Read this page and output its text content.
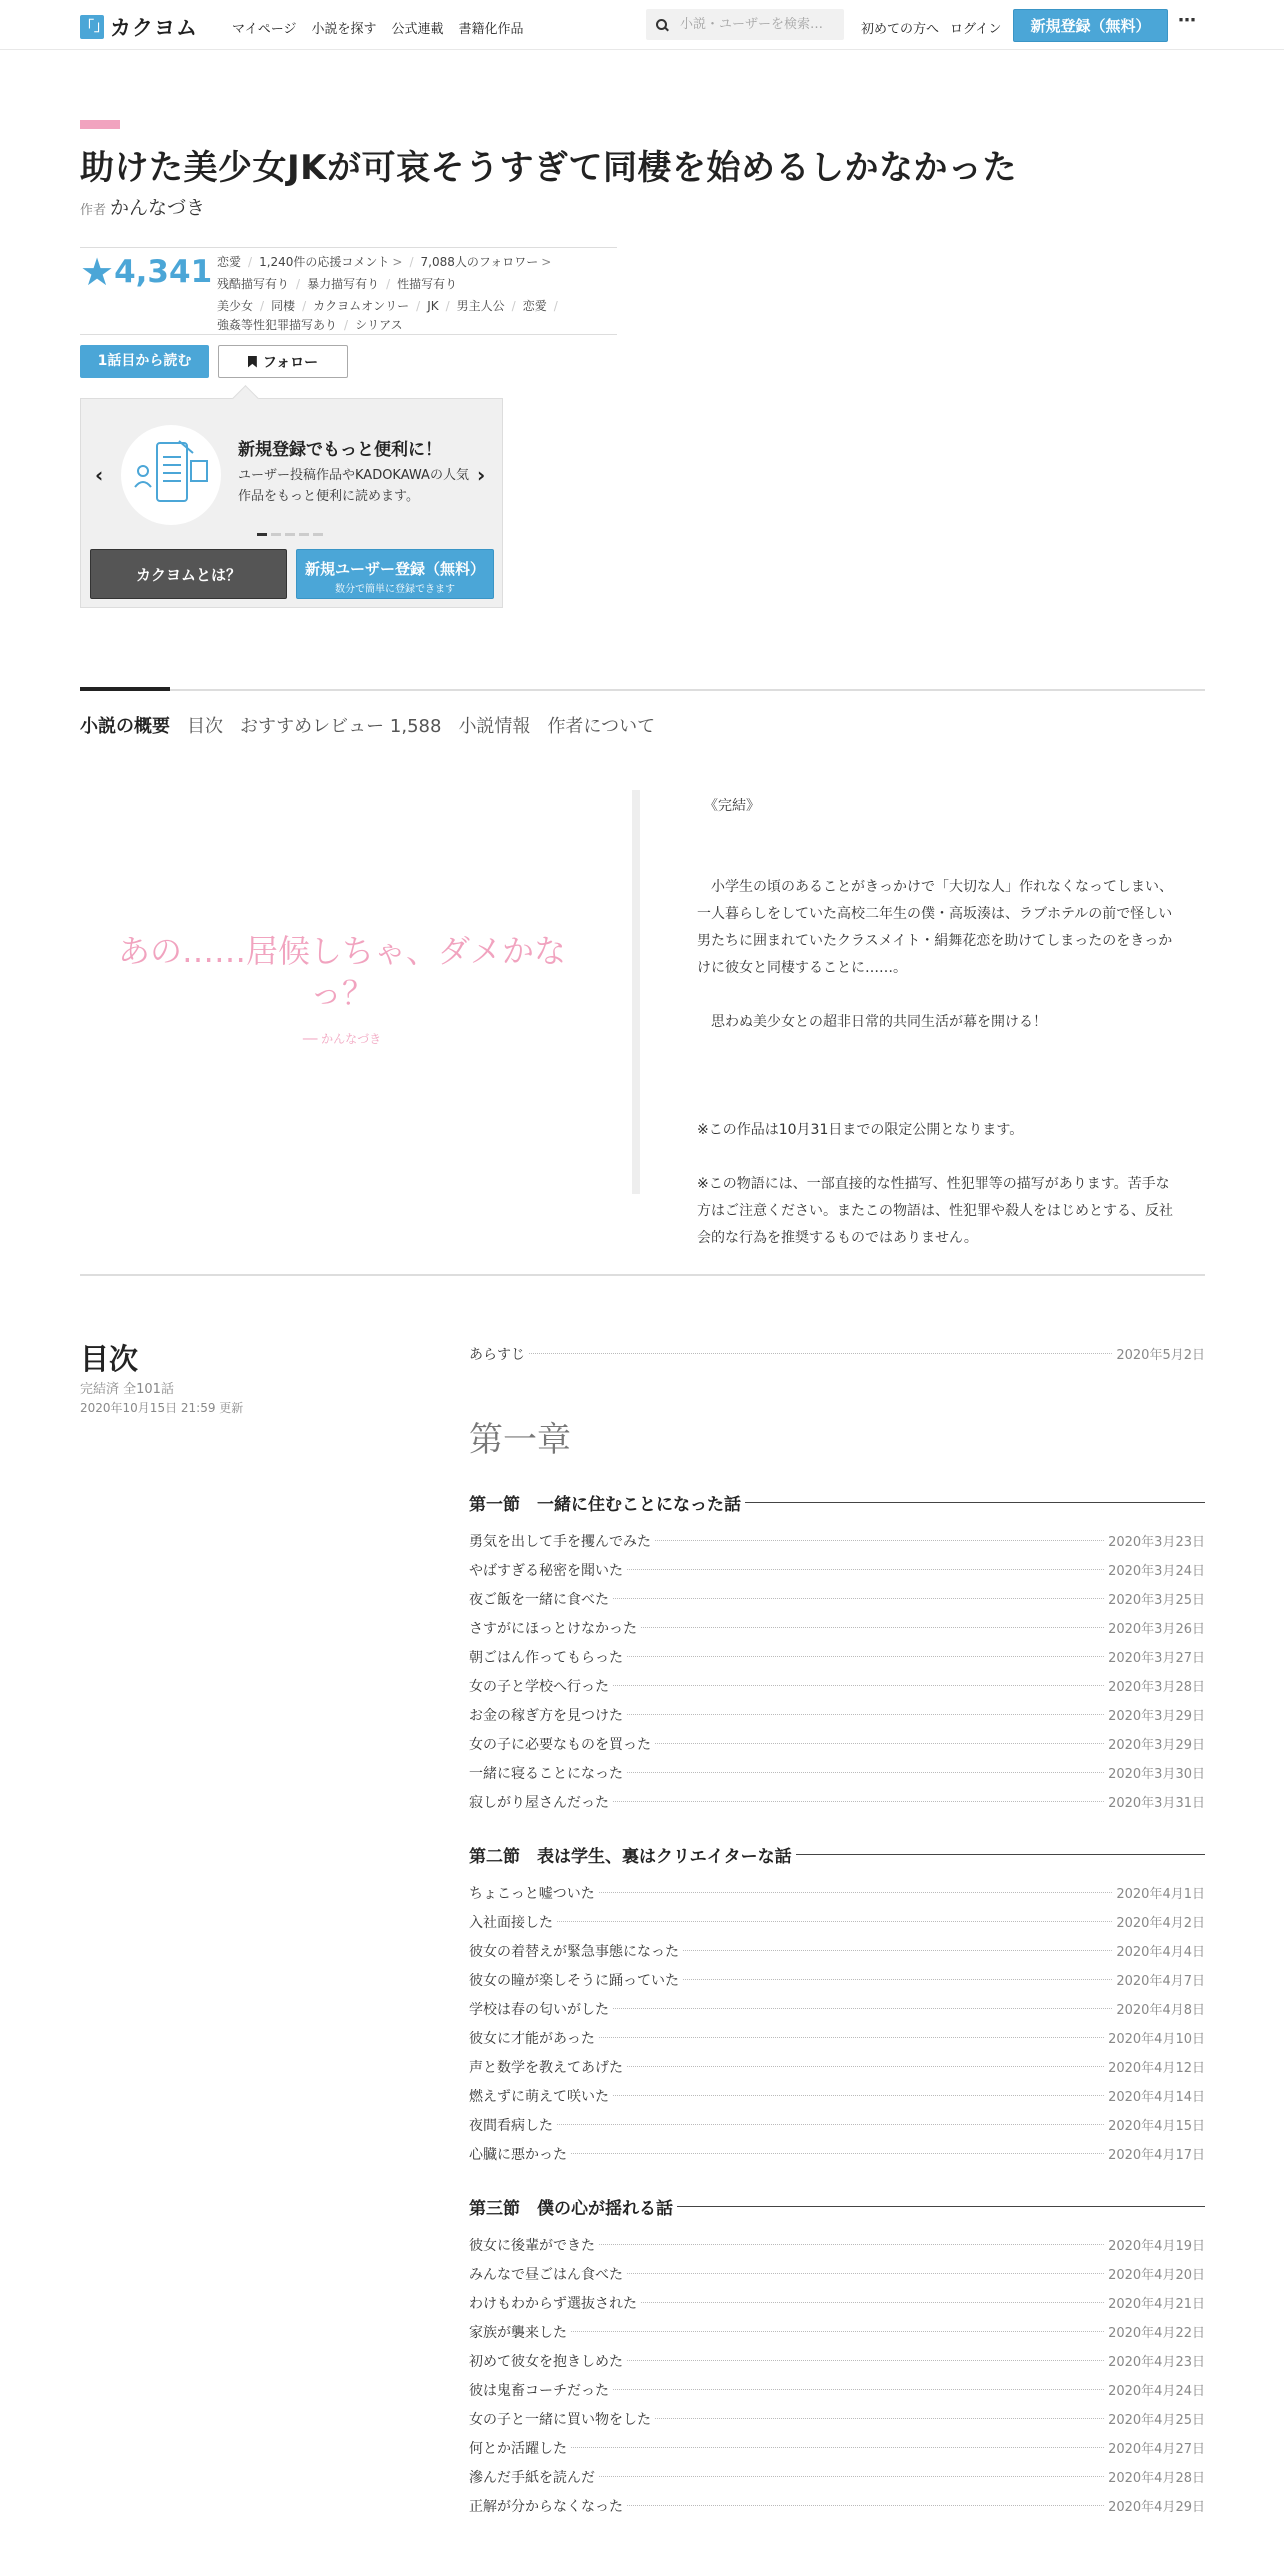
「」 カクヨム	マイページ 小説を探す 公式連載 書籍化作品
小説・ユーザーを検索…	初めての方へ ログイン	新規登録（無料）	⋯
助けた美少女JKが可哀そうすぎて同棲を始めるしかなかった
作者 かんなづき
★ 4,341 恋愛 / 1,240件の応援コメント > / 7,088人のフォロワー >
残酷描写有り / 暴力描写有り / 性描写有り
美少女 / 同棲 / カクヨムオンリー / JK / 男主人公 / 恋愛 /
強姦等性犯罪描写あり / シリアス
1話目から読む	フォロー
‹	›
新規登録でもっと便利に！
ユーザー投稿作品やKADOKAWAの人気作品をもっと便利に読めます。
カクヨムとは？	新規ユーザー登録（無料）
数分で簡単に登録できます
小説の概要 目次 おすすめレビュー 1,588 小説情報 作者について
あの……居候しちゃ、ダメかなっ？
── かんなづき
　《完結》

　小学生の頃のあることがきっかけで「大切な人」作れなくなってしまい、一人暮らしをしていた高校二年生の僕・高坂湊は、ラブホテルの前で怪しい男たちに囲まれていたクラスメイト・絹舞花恋を助けてしまったのをきっかけに彼女と同棲することに……。

　思わぬ美少女との超非日常的共同生活が幕を開ける！

※この作品は10月31日までの限定公開となります。

※この物語には、一部直接的な性描写、性犯罪等の描写があります。苦手な方はご注意ください。またこの物語は、性犯罪や殺人をはじめとする、反社会的な行為を推奨するものではありません。
目次
完結済 全101話
2020年10月15日 21:59 更新
あらすじ	2020年5月2日
第一章
第一節　一緒に住むことになった話
勇気を出して手を攫んでみた	2020年3月23日
やばすぎる秘密を聞いた	2020年3月24日
夜ご飯を一緒に食べた	2020年3月25日
さすがにほっとけなかった	2020年3月26日
朝ごはん作ってもらった	2020年3月27日
女の子と学校へ行った	2020年3月28日
お金の稼ぎ方を見つけた	2020年3月29日
女の子に必要なものを買った	2020年3月29日
一緒に寝ることになった	2020年3月30日
寂しがり屋さんだった	2020年3月31日
第二節　表は学生、裏はクリエイターな話
ちょこっと嘘ついた	2020年4月1日
入社面接した	2020年4月2日
彼女の着替えが緊急事態になった	2020年4月4日
彼女の瞳が楽しそうに踊っていた	2020年4月7日
学校は春の匂いがした	2020年4月8日
彼女に才能があった	2020年4月10日
声と数学を教えてあげた	2020年4月12日
燃えずに萌えて咲いた	2020年4月14日
夜間看病した	2020年4月15日
心臓に悪かった	2020年4月17日
第三節　僕の心が揺れる話
彼女に後輩ができた	2020年4月19日
みんなで昼ごはん食べた	2020年4月20日
わけもわからず選抜された	2020年4月21日
家族が襲来した	2020年4月22日
初めて彼女を抱きしめた	2020年4月23日
彼は鬼畜コーチだった	2020年4月24日
女の子と一緒に買い物をした	2020年4月25日
何とか活躍した	2020年4月27日
滲んだ手紙を読んだ	2020年4月28日
正解が分からなくなった	2020年4月29日
